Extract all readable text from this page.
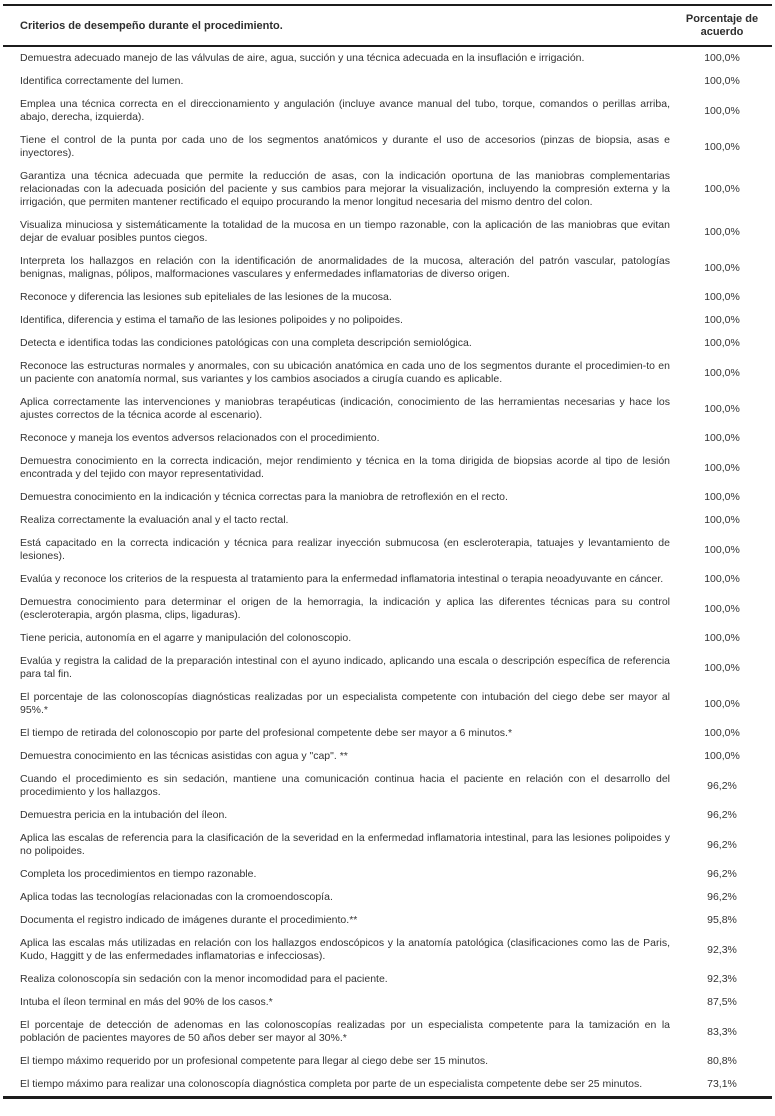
Criterios de desempeño durante el procedimiento.	Porcentaje de acuerdo
Demuestra adecuado manejo de las válvulas de aire, agua, succión y una técnica adecuada en la insuflación e irrigación.	100,0%
Identifica correctamente del lumen.	100,0%
Emplea una técnica correcta en el direccionamiento y angulación (incluye avance manual del tubo, torque, comandos o perillas arriba, abajo, derecha, izquierda).	100,0%
Tiene el control de la punta por cada uno de los segmentos anatómicos y durante el uso de accesorios (pinzas de biopsia, asas e inyectores).	100,0%
Garantiza una técnica adecuada que permite la reducción de asas, con la indicación oportuna de las maniobras complementarias relacionadas con la adecuada posición del paciente y sus cambios para mejorar la visualización, incluyendo la compresión externa y la irrigación, que permiten mantener rectificado el equipo procurando la menor longitud necesaria del mismo dentro del colon.	100,0%
Visualiza minuciosa y sistemáticamente la totalidad de la mucosa en un tiempo razonable, con la aplicación de las maniobras que evitan dejar de evaluar posibles puntos ciegos.	100,0%
Interpreta los hallazgos en relación con la identificación de anormalidades de la mucosa, alteración del patrón vascular, patologías benignas, malignas, pólipos, malformaciones vasculares y enfermedades inflamatorias de diverso origen.	100,0%
Reconoce y diferencia las lesiones sub epiteliales de las lesiones de la mucosa.	100,0%
Identifica, diferencia y estima el tamaño de las lesiones polipoides y no polipoides.	100,0%
Detecta e identifica todas las condiciones patológicas con una completa descripción semiológica.	100,0%
Reconoce las estructuras normales y anormales, con su ubicación anatómica en cada uno de los segmentos durante el procedimien-to en un paciente con anatomía normal, sus variantes y los cambios asociados a cirugía cuando es aplicable.	100,0%
Aplica correctamente las intervenciones y maniobras terapéuticas (indicación, conocimiento de las herramientas necesarias y hace los ajustes correctos de la técnica acorde al escenario).	100,0%
Reconoce y maneja los eventos adversos relacionados con el procedimiento.	100,0%
Demuestra conocimiento en la correcta indicación, mejor rendimiento y técnica en la toma dirigida de biopsias acorde al tipo de lesión encontrada y del tejido con mayor representatividad.	100,0%
Demuestra conocimiento en la indicación y técnica correctas para la maniobra de retroflexión en el recto.	100,0%
Realiza correctamente la evaluación anal y el tacto rectal.	100,0%
Está capacitado en la correcta indicación y técnica para realizar inyección submucosa (en escleroterapia, tatuajes y levantamiento de lesiones).	100,0%
Evalúa y reconoce los criterios de la respuesta al tratamiento para la enfermedad inflamatoria intestinal o terapia neoadyuvante en cáncer.	100,0%
Demuestra conocimiento para determinar el origen de la hemorragia, la indicación y aplica las diferentes técnicas para su control (escleroterapia, argón plasma, clips, ligaduras).	100,0%
Tiene pericia, autonomía en el agarre y manipulación del colonoscopio.	100,0%
Evalúa y registra la calidad de la preparación intestinal con el ayuno indicado, aplicando una escala o descripción específica de referencia para tal fin.	100,0%
El porcentaje de las colonoscopías diagnósticas realizadas por un especialista competente con intubación del ciego debe ser mayor al 95%.*	100,0%
El tiempo de retirada del colonoscopio por parte del profesional competente debe ser mayor a 6 minutos.*	100,0%
Demuestra conocimiento en las técnicas asistidas con agua y "cap". **	100,0%
Cuando el procedimiento es sin sedación, mantiene una comunicación continua hacia el paciente en relación con el desarrollo del procedimiento y los hallazgos.	96,2%
Demuestra pericia en la intubación del íleon.	96,2%
Aplica las escalas de referencia para la clasificación de la severidad en la enfermedad inflamatoria intestinal, para las lesiones polipoides y no polipoides.	96,2%
Completa los procedimientos en tiempo razonable.	96,2%
Aplica todas las tecnologías relacionadas con la cromoendoscopía.	96,2%
Documenta el registro indicado de imágenes durante el procedimiento.**	95,8%
Aplica las escalas más utilizadas en relación con los hallazgos endoscópicos y la anatomía patológica (clasificaciones como las de Paris, Kudo, Haggitt y de las enfermedades inflamatorias e infecciosas).	92,3%
Realiza colonoscopía sin sedación con la menor incomodidad para el paciente.	92,3%
Intuba el íleon terminal en más del 90% de los casos.*	87,5%
El porcentaje de detección de adenomas en las colonoscopías realizadas por un especialista competente para la tamización en la población de pacientes mayores de 50 años deber ser mayor al 30%.*	83,3%
El tiempo máximo requerido por un profesional competente para llegar al ciego debe ser 15 minutos.	80,8%
El tiempo máximo para realizar una colonoscopía diagnóstica completa por parte de un especialista competente debe ser 25 minutos.	73,1%
